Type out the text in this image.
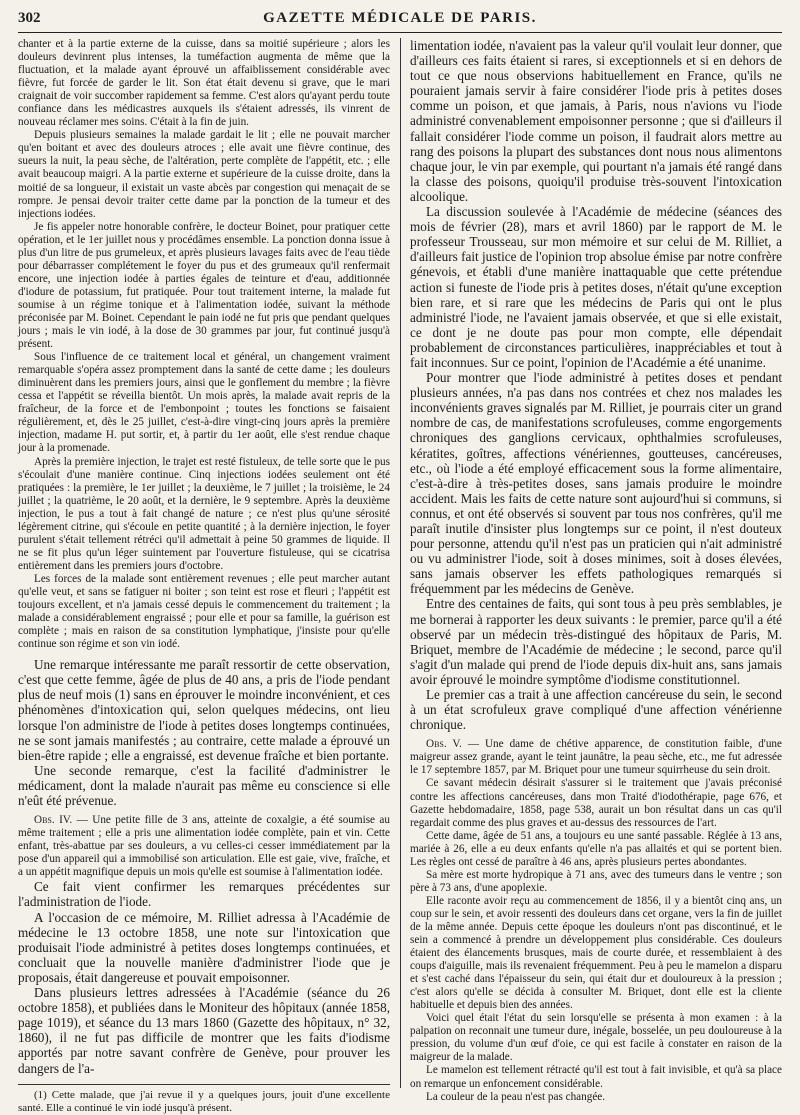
302	GAZETTE MÉDICALE DE PARIS.

chanter et à la partie externe de la cuisse, dans sa moitié supérieure ; alors les douleurs devinrent plus intenses, la tuméfaction augmenta de même que la fluctuation, et la malade ayant éprouvé un affaiblissement considérable avec fièvre, fut forcée de garder le lit. Son état était devenu si grave, que le mari craignait de voir succomber rapidement sa femme. C'est alors qu'ayant perdu toute confiance dans les médicastres auxquels ils s'étaient adressés, ils vinrent de nouveau réclamer mes soins. C'était à la fin de juin.

Depuis plusieurs semaines la malade gardait le lit ; elle ne pouvait marcher qu'en boitant et avec des douleurs atroces ; elle avait une fièvre continue, des sueurs la nuit, la peau sèche, de l'altération, perte complète de l'appétit, etc. ; elle avait beaucoup maigri. A la partie externe et supérieure de la cuisse droite, dans la moitié de sa longueur, il existait un vaste abcès par congestion qui menaçait de se rompre. Je pensai devoir traiter cette dame par la ponction de la tumeur et des injections iodées.

Je fis appeler notre honorable confrère, le docteur Boinet, pour pratiquer cette opération, et le 1er juillet nous y procédâmes ensemble. La ponction donna issue à plus d'un litre de pus grumeleux, et après plusieurs lavages faits avec de l'eau tiède pour débarrasser complétement le foyer du pus et des grumeaux qu'il renfermait encore, une injection iodée à parties égales de teinture et d'eau, additionnée d'iodure de potassium, fut pratiquée. Pour tout traitement interne, la malade fut soumise à un régime tonique et à l'alimentation iodée, suivant la méthode préconisée par M. Boinet. Cependant le pain iodé ne fut pris que pendant quelques jours ; mais le vin iodé, à la dose de 30 grammes par jour, fut continué jusqu'à présent.

Sous l'influence de ce traitement local et général, un changement vraiment remarquable s'opéra assez promptement dans la santé de cette dame ; les douleurs diminuèrent dans les premiers jours, ainsi que le gonflement du membre ; la fièvre cessa et l'appétit se réveilla bientôt. Un mois après, la malade avait repris de la fraîcheur, de la force et de l'embonpoint ; toutes les fonctions se faisaient régulièrement, et, dès le 25 juillet, c'est-à-dire vingt-cinq jours après la première injection, madame H. put sortir, et, à partir du 1er août, elle s'est rendue chaque jour à la promenade.

Après la première injection, le trajet est resté fistuleux, de telle sorte que le pus s'écoulait d'une manière continue. Cinq injections iodées seulement ont été pratiquées : la première, le 1er juillet ; la deuxième, le 7 juillet ; la troisième, le 24 juillet ; la quatrième, le 20 août, et la dernière, le 9 septembre. Après la deuxième injection, le pus a tout à fait changé de nature ; ce n'est plus qu'une sérosité légèrement citrine, qui s'écoule en petite quantité ; à la dernière injection, le foyer purulent s'était tellement rétréci qu'il admettait à peine 50 grammes de liquide. Il ne se fit plus qu'un léger suintement par l'ouverture fistuleuse, qui se cicatrisa entièrement dans les premiers jours d'octobre.

Les forces de la malade sont entièrement revenues ; elle peut marcher autant qu'elle veut, et sans se fatiguer ni boiter ; son teint est rose et fleuri ; l'appétit est toujours excellent, et n'a jamais cessé depuis le commencement du traitement ; la malade a considérablement engraissé ; pour elle et pour sa famille, la guérison est complète ; mais en raison de sa constitution lymphatique, j'insiste pour qu'elle continue son régime et son vin iodé.

Une remarque intéressante me paraît ressortir de cette observation, c'est que cette femme, âgée de plus de 40 ans, a pris de l'iode pendant plus de neuf mois (1) sans en éprouver le moindre inconvénient, et ces phénomènes d'intoxication qui, selon quelques médecins, ont lieu lorsque l'on administre de l'iode à petites doses longtemps continuées, ne se sont jamais manifestés ; au contraire, cette malade a éprouvé un bien-être rapide ; elle a engraissé, est devenue fraîche et bien portante.

Une seconde remarque, c'est la facilité d'administrer le médicament, dont la malade n'aurait pas même eu conscience si elle n'eût été prévenue.

Obs. IV. — Une petite fille de 3 ans, atteinte de coxalgie, a été soumise au même traitement ; elle a pris une alimentation iodée complète, pain et vin. Cette enfant, très-abattue par ses douleurs, a vu celles-ci cesser immédiatement par la pose d'un appareil qui a immobilisé son articulation. Elle est gaie, vive, fraîche, et a un appétit magnifique depuis un mois qu'elle est soumise à l'alimentation iodée.

Ce fait vient confirmer les remarques précédentes sur l'administration de l'iode.

A l'occasion de ce mémoire, M. Rilliet adressa à l'Académie de médecine le 13 octobre 1858, une note sur l'intoxication que produisait l'iode administré à petites doses longtemps continuées, et concluait que la nouvelle manière d'administrer l'iode que je proposais, était dangereuse et pouvait empoisonner.

Dans plusieurs lettres adressées à l'Académie (séance du 26 octobre 1858), et publiées dans le Moniteur des hôpitaux (année 1858, page 1019), et séance du 13 mars 1860 (Gazette des hôpitaux, n° 32, 1860), il ne fut pas difficile de montrer que les faits d'iodisme apportés par notre savant confrère de Genève, pour prouver les dangers de l'a-

(1) Cette malade, que j'ai revue il y a quelques jours, jouit d'une excellente santé. Elle a continué le vin iodé jusqu'à présent.

limentation iodée, n'avaient pas la valeur qu'il voulait leur donner, que d'ailleurs ces faits étaient si rares, si exceptionnels et si en dehors de tout ce que nous observions habituellement en France, qu'ils ne pouraient jamais servir à faire considérer l'iode pris à petites doses comme un poison, et que jamais, à Paris, nous n'avions vu l'iode administré convenablement empoisonner personne ; que si d'ailleurs il fallait considérer l'iode comme un poison, il faudrait alors mettre au rang des poisons la plupart des substances dont nous nous alimentons chaque jour, le vin par exemple, qui pourtant n'a jamais été rangé dans la classe des poisons, quoiqu'il produise très-souvent l'intoxication alcoolique.

La discussion soulevée à l'Académie de médecine (séances des mois de février (28), mars et avril 1860) par le rapport de M. le professeur Trousseau, sur mon mémoire et sur celui de M. Rilliet, a d'ailleurs fait justice de l'opinion trop absolue émise par notre confrère génevois, et établi d'une manière inattaquable que cette prétendue action si funeste de l'iode pris à petites doses, n'était qu'une exception bien rare, et si rare que les médecins de Paris qui ont le plus administré l'iode, ne l'avaient jamais observée, et que si elle existait, ce dont je ne doute pas pour mon compte, elle dépendait probablement de circonstances particulières, inappréciables et tout à fait inconnues. Sur ce point, l'opinion de l'Académie a été unanime.

Pour montrer que l'iode administré à petites doses et pendant plusieurs années, n'a pas dans nos contrées et chez nos malades les inconvénients graves signalés par M. Rilliet, je pourrais citer un grand nombre de cas, de manifestations scrofuleuses, comme engorgements chroniques des ganglions cervicaux, ophthalmies scrofuleuses, kératites, goîtres, affections vénériennes, goutteuses, cancéreuses, etc., où l'iode a été employé efficacement sous la forme alimentaire, c'est-à-dire à très-petites doses, sans jamais produire le moindre accident. Mais les faits de cette nature sont aujourd'hui si communs, si connus, et ont été observés si souvent par tous nos confrères, qu'il me paraît inutile d'insister plus longtemps sur ce point, il n'est douteux pour personne, attendu qu'il n'est pas un praticien qui n'ait administré ou vu administrer l'iode, soit à doses minimes, soit à doses élevées, sans jamais observer les effets pathologiques remarqués si fréquemment par les médecins de Genève.

Entre des centaines de faits, qui sont tous à peu près semblables, je me bornerai à rapporter les deux suivants : le premier, parce qu'il a été observé par un médecin très-distingué des hôpitaux de Paris, M. Briquet, membre de l'Académie de médecine ; le second, parce qu'il s'agit d'un malade qui prend de l'iode depuis dix-huit ans, sans jamais avoir éprouvé le moindre symptôme d'iodisme constitutionnel.

Le premier cas a trait à une affection cancéreuse du sein, le second à un état scrofuleux grave compliqué d'une affection vénérienne chronique.

Obs. V. — Une dame de chétive apparence, de constitution faible, d'une maigreur assez grande, ayant le teint jaunâtre, la peau sèche, etc., me fut adressée le 17 septembre 1857, par M. Briquet pour une tumeur squirrheuse du sein droit.

Ce savant médecin désirait s'assurer si le traitement que j'avais préconisé contre les affections cancéreuses, dans mon Traité d'iodothérapie, page 676, et Gazette hebdomadaire, 1858, page 538, aurait un bon résultat dans un cas qu'il regardait comme des plus graves et au-dessus des ressources de l'art.

Cette dame, âgée de 51 ans, a toujours eu une santé passable. Réglée à 13 ans, mariée à 26, elle a eu deux enfants qu'elle n'a pas allaités et qui se portent bien. Les règles ont cessé de paraître à 46 ans, après plusieurs pertes abondantes.

Sa mère est morte hydropique à 71 ans, avec des tumeurs dans le ventre ; son père à 73 ans, d'une apoplexie.

Elle raconte avoir reçu au commencement de 1856, il y a bientôt cinq ans, un coup sur le sein, et avoir ressenti des douleurs dans cet organe, vers la fin de juillet de la même année. Depuis cette époque les douleurs n'ont pas discontinué, et le sein a commencé à prendre un développement plus considérable. Ces douleurs étaient des élancements brusques, mais de courte durée, et ressemblaient à des coups d'aiguille, mais ils revenaient fréquemment. Peu à peu le mamelon a disparu et s'est caché dans l'épaisseur du sein, qui était dur et douloureux à la pression ; c'est alors qu'elle se décida à consulter M. Briquet, dont elle est la cliente habituelle et depuis bien des années.

Voici quel était l'état du sein lorsqu'elle se présenta à mon examen : à la palpation on reconnait une tumeur dure, inégale, bosselée, un peu douloureuse à la pression, du volume d'un œuf d'oie, ce qui est facile à constater en raison de la maigreur de la malade.

Le mamelon est tellement rétracté qu'il est tout à fait invisible, et qu'à sa place on remarque un enfoncement considérable.

La couleur de la peau n'est pas changée.
